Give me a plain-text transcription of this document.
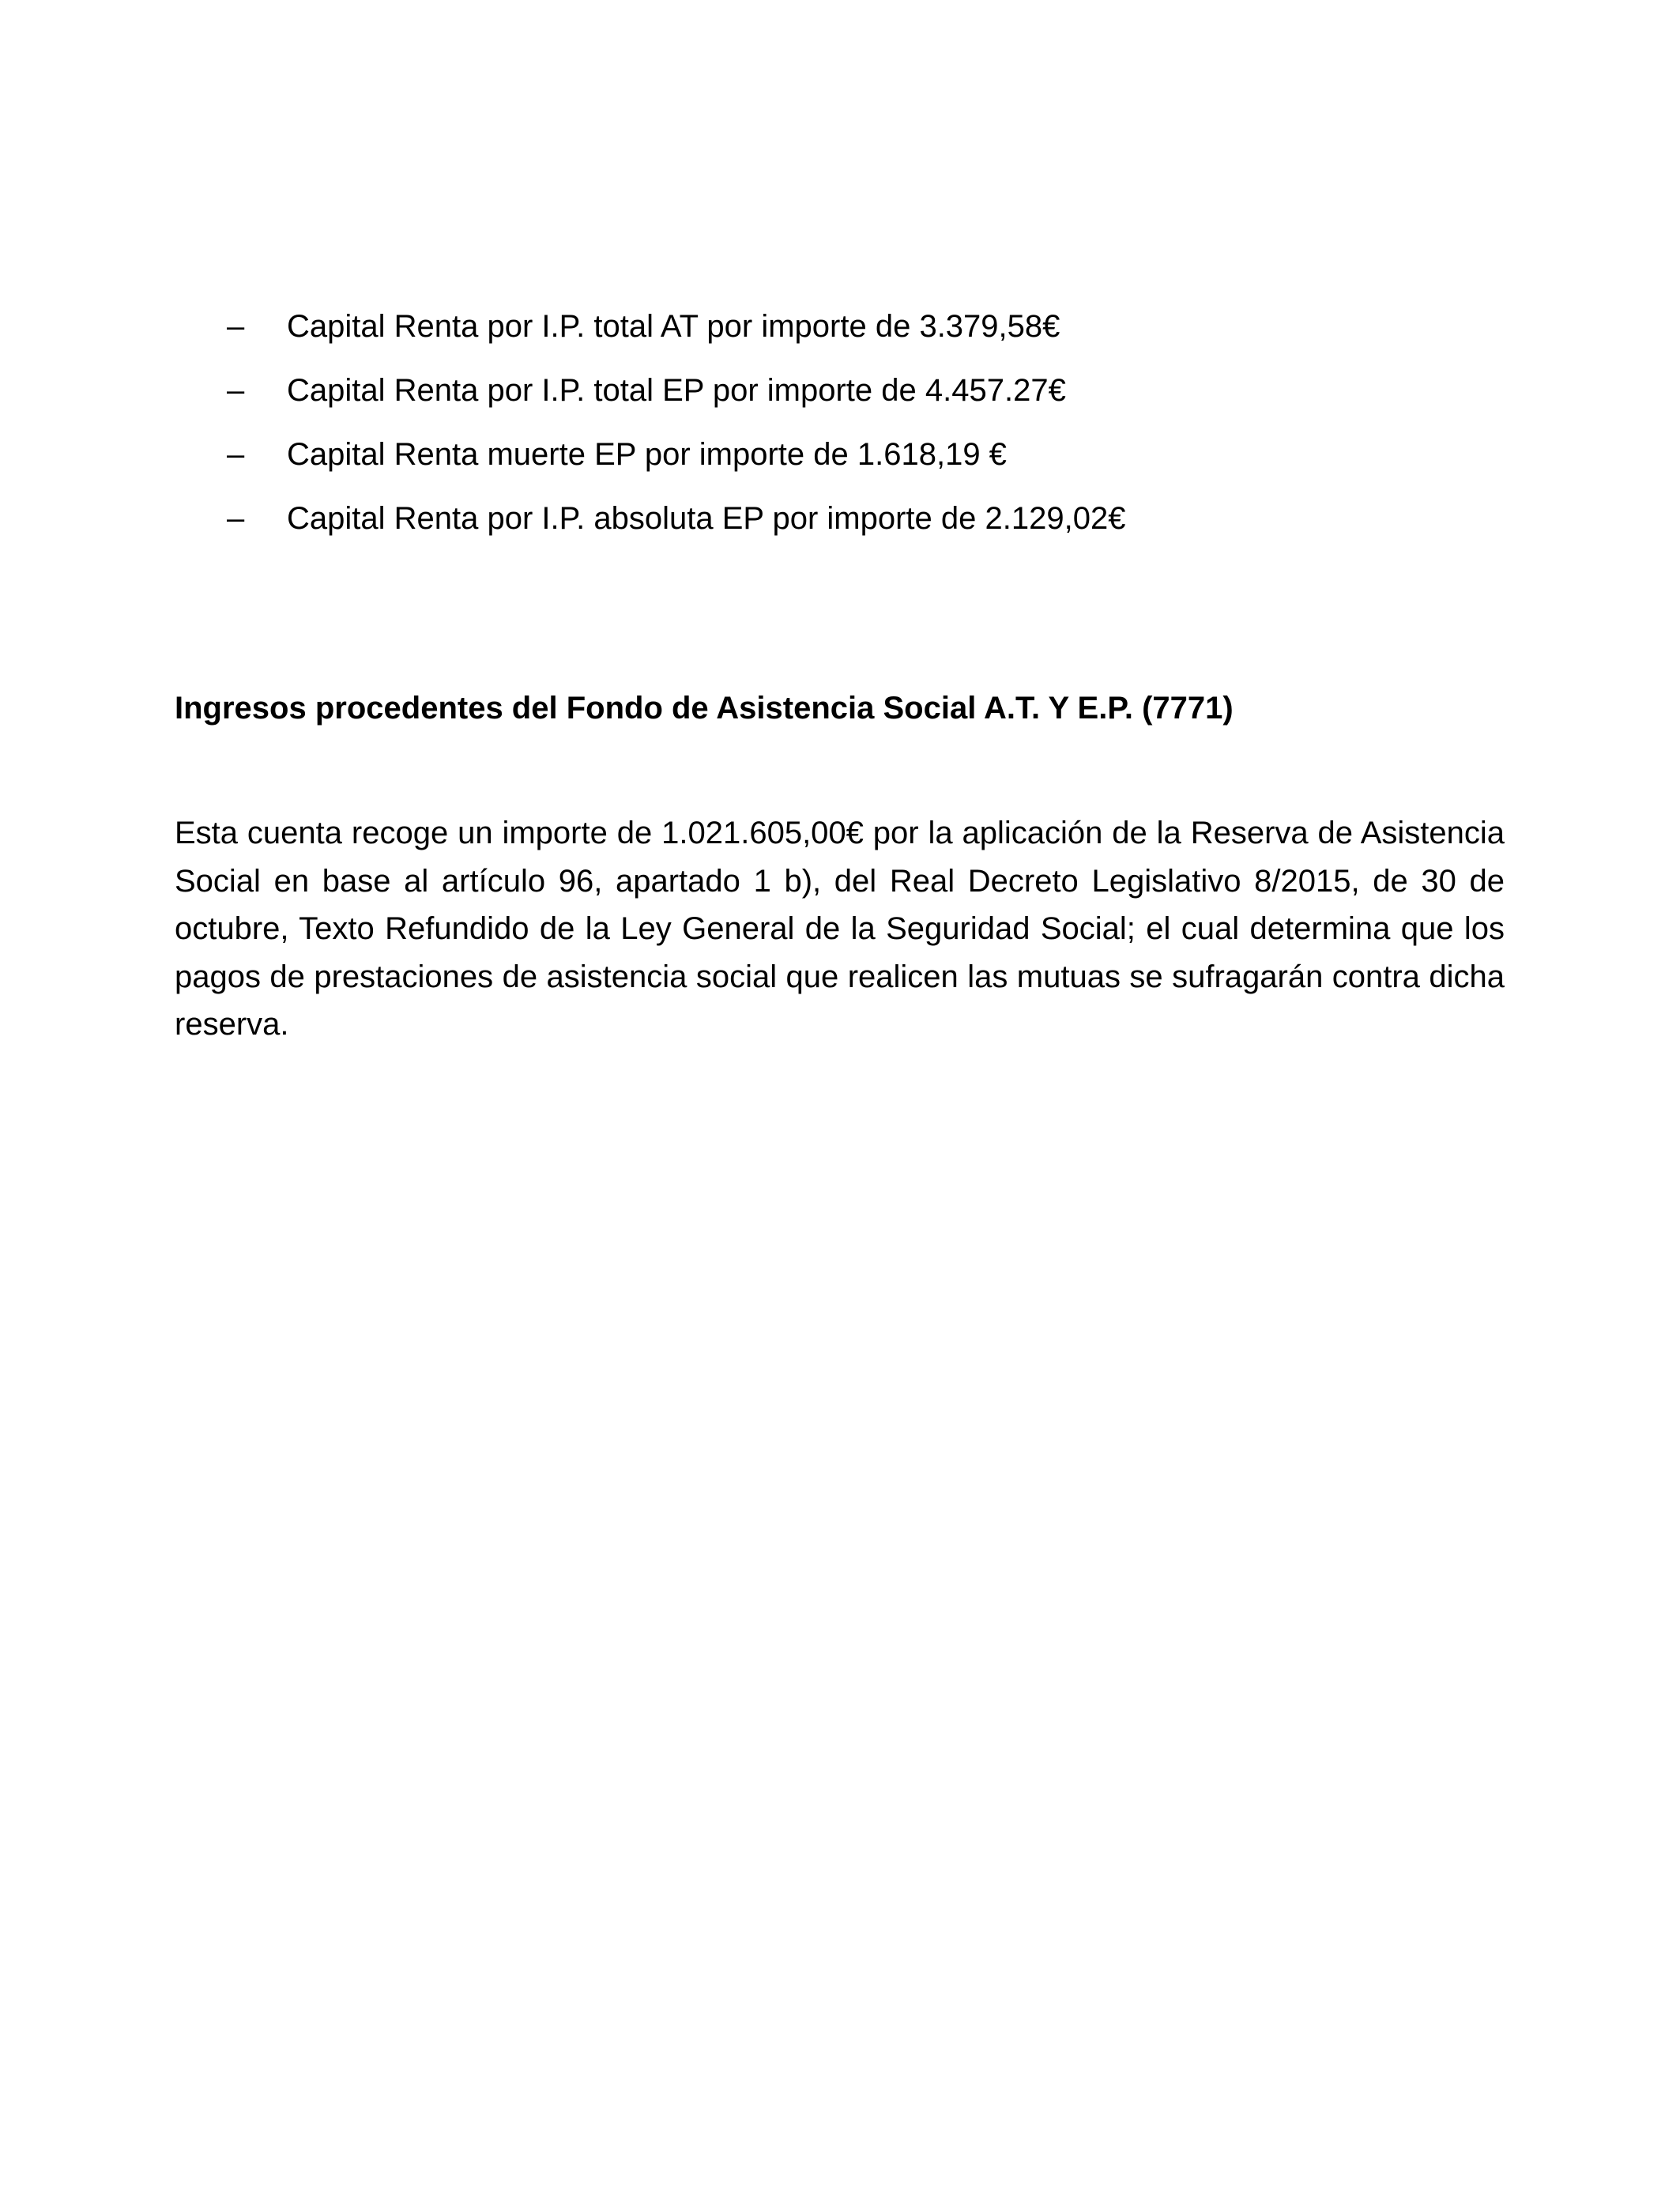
– Capital Renta por I.P. total AT por importe de 3.379,58€
– Capital Renta por I.P. total EP por importe de 4.457.27€
– Capital Renta muerte EP por importe de 1.618,19 €
– Capital Renta por I.P. absoluta EP por importe de 2.129,02€
Ingresos procedentes del Fondo de Asistencia Social A.T. Y E.P. (7771)

Esta cuenta recoge un importe de 1.021.605,00€ por la aplicación de la Reserva de Asistencia Social en base al artículo 96, apartado 1 b), del Real Decreto Legislativo 8/2015, de 30 de octubre, Texto Refundido de la Ley General de la Seguridad Social; el cual determina que los pagos de prestaciones de asistencia social que realicen las mutuas se sufragarán contra dicha reserva.
